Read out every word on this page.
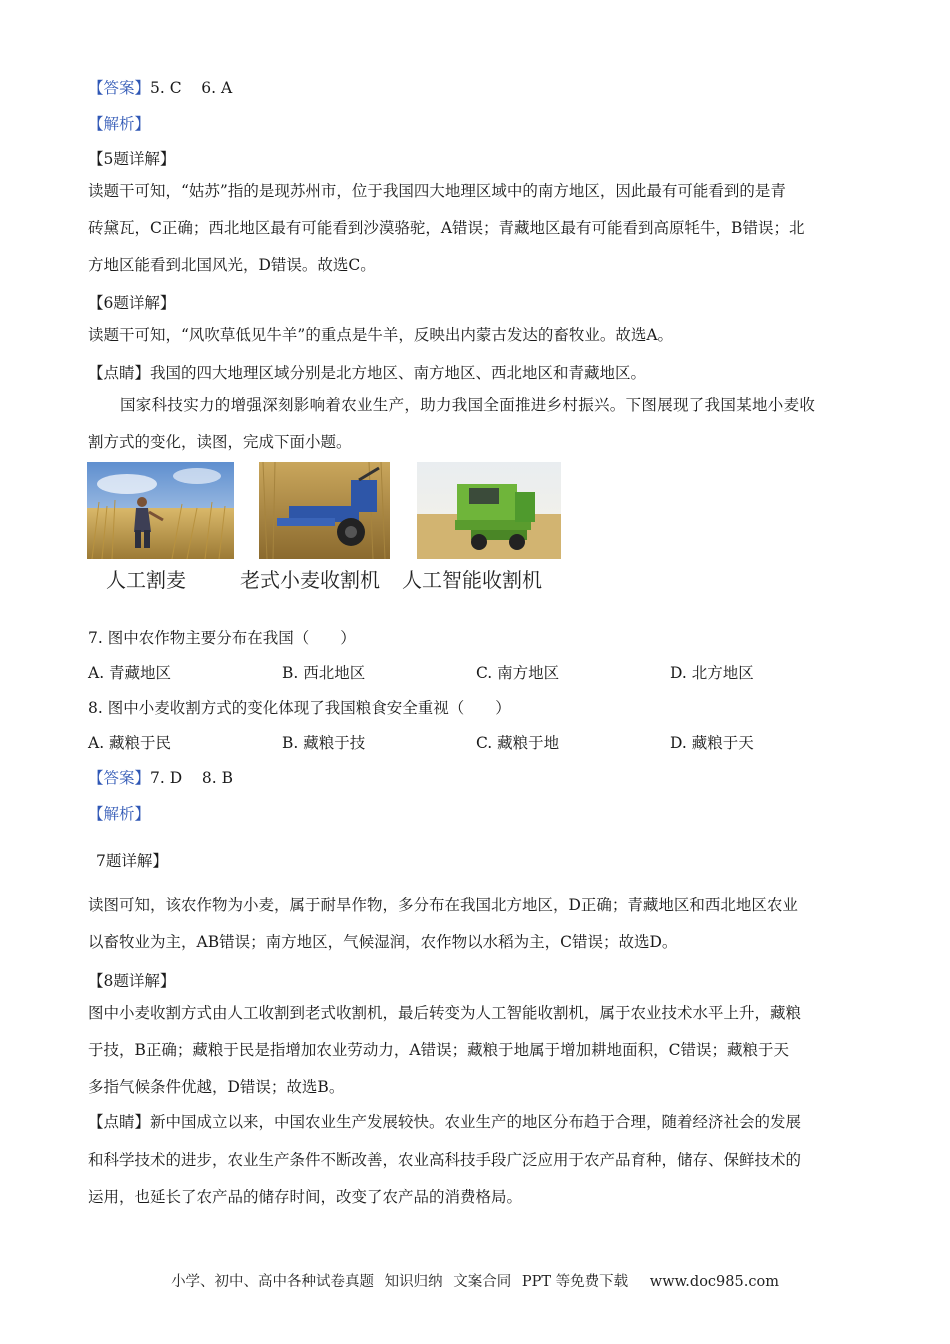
【答案】5. C    6. A
【解析】
【5题详解】
读题干可知，“姑苏”指的是现苏州市，位于我国四大地理区域中的南方地区，因此最有可能看到的是青
砖黛瓦，C正确；西北地区最有可能看到沙漠骆驼，A错误；青藏地区最有可能看到高原牦牛，B错误；北
方地区能看到北国风光，D错误。故选C。
【6题详解】
读题干可知，“风吹草低见牛羊”的重点是牛羊，反映出内蒙古发达的畜牧业。故选A。
【点睛】我国的四大地理区域分别是北方地区、南方地区、西北地区和青藏地区。
国家科技实力的增强深刻影响着农业生产，助力我国全面推进乡村振兴。下图展现了我国某地小麦收
割方式的变化，读图，完成下面小题。
人工割麦	老式小麦收割机 人工智能收割机
7. 图中农作物主要分布在我国（　　）
A. 青藏地区	B. 西北地区	C. 南方地区	D. 北方地区
8. 图中小麦收割方式的变化体现了我国粮食安全重视（　　）
A. 藏粮于民	B. 藏粮于技	C. 藏粮于地	D. 藏粮于天
【答案】7. D    8. B
【解析】
7题详解】
读图可知，该农作物为小麦，属于耐旱作物，多分布在我国北方地区，D正确；青藏地区和西北地区农业
以畜牧业为主，AB错误；南方地区，气候湿润，农作物以水稻为主，C错误；故选D。
【8题详解】
图中小麦收割方式由人工收割到老式收割机，最后转变为人工智能收割机，属于农业技术水平上升，藏粮
于技，B正确；藏粮于民是指增加农业劳动力，A错误；藏粮于地属于增加耕地面积，C错误；藏粮于天
多指气候条件优越，D错误；故选B。
【点睛】新中国成立以来，中国农业生产发展较快。农业生产的地区分布趋于合理，随着经济社会的发展
和科学技术的进步，农业生产条件不断改善，农业高科技手段广泛应用于农产品育种，储存、保鲜技术的
运用，也延长了农产品的储存时间，改变了农产品的消费格局。
小学、初中、高中各种试卷真题 知识归纳 文案合同 PPT 等免费下载 www.doc985.com
